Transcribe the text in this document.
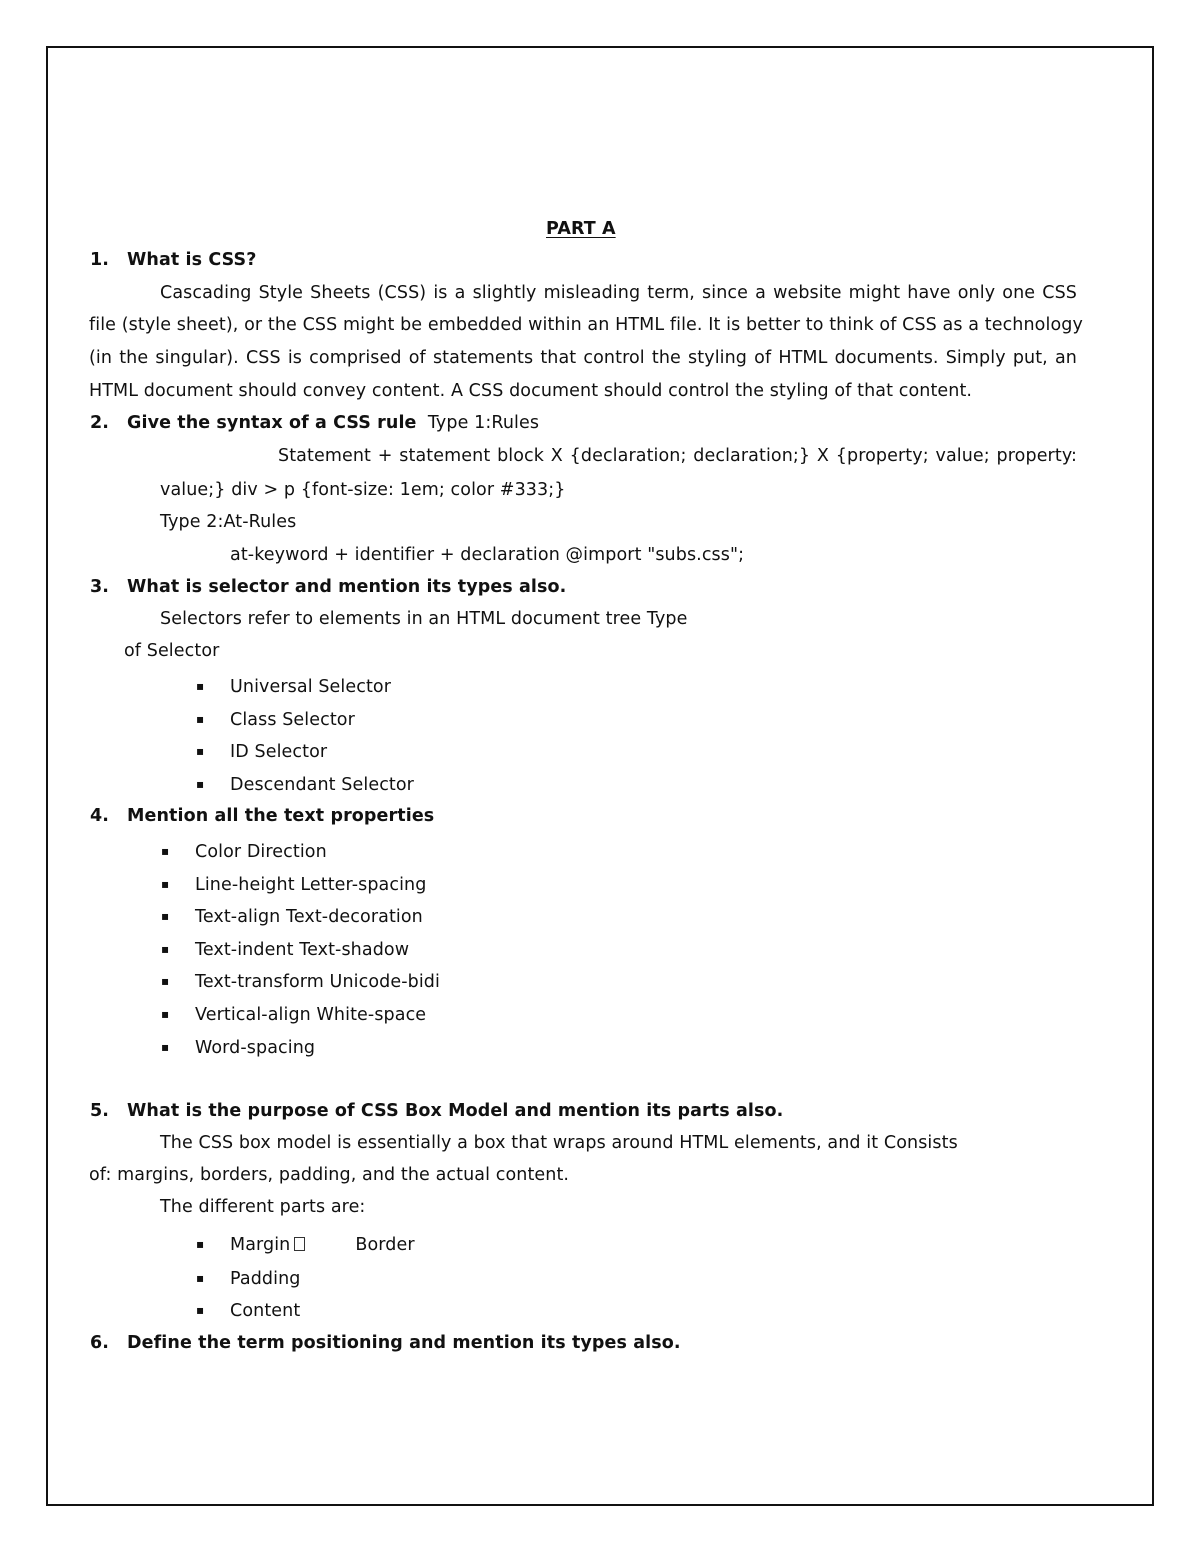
PART A
1. What is CSS?
Cascading Style Sheets (CSS) is a slightly misleading term, since a website might have only one CSS
file (style sheet), or the CSS might be embedded within an HTML file. It is better to think of CSS as a technology
(in the singular). CSS is comprised of statements that control the styling of HTML documents. Simply put, an
HTML document should convey content. A CSS document should control the styling of that content.
2. Give the syntax of a CSS rule Type 1:Rules
Statement + statement block X {declaration; declaration;} X {property; value; property:
value;} div > p {font-size: 1em; color #333;}
Type 2:At-Rules
at-keyword + identifier + declaration @import "subs.css";
3. What is selector and mention its types also.
Selectors refer to elements in an HTML document tree Type
of Selector
▪ Universal Selector
▪ Class Selector
▪ ID Selector
▪ Descendant Selector
4. Mention all the text properties
▪ Color Direction
▪ Line-height Letter-spacing
▪ Text-align Text-decoration
▪ Text-indent Text-shadow
▪ Text-transform Unicode-bidi
▪ Vertical-align White-space
▪ Word-spacing
5. What is the purpose of CSS Box Model and mention its parts also.
The CSS box model is essentially a box that wraps around HTML elements, and it Consists
of: margins, borders, padding, and the actual content.
The different parts are:
▪ Margin	Border
▪ Padding
▪ Content
6. Define the term positioning and mention its types also.
